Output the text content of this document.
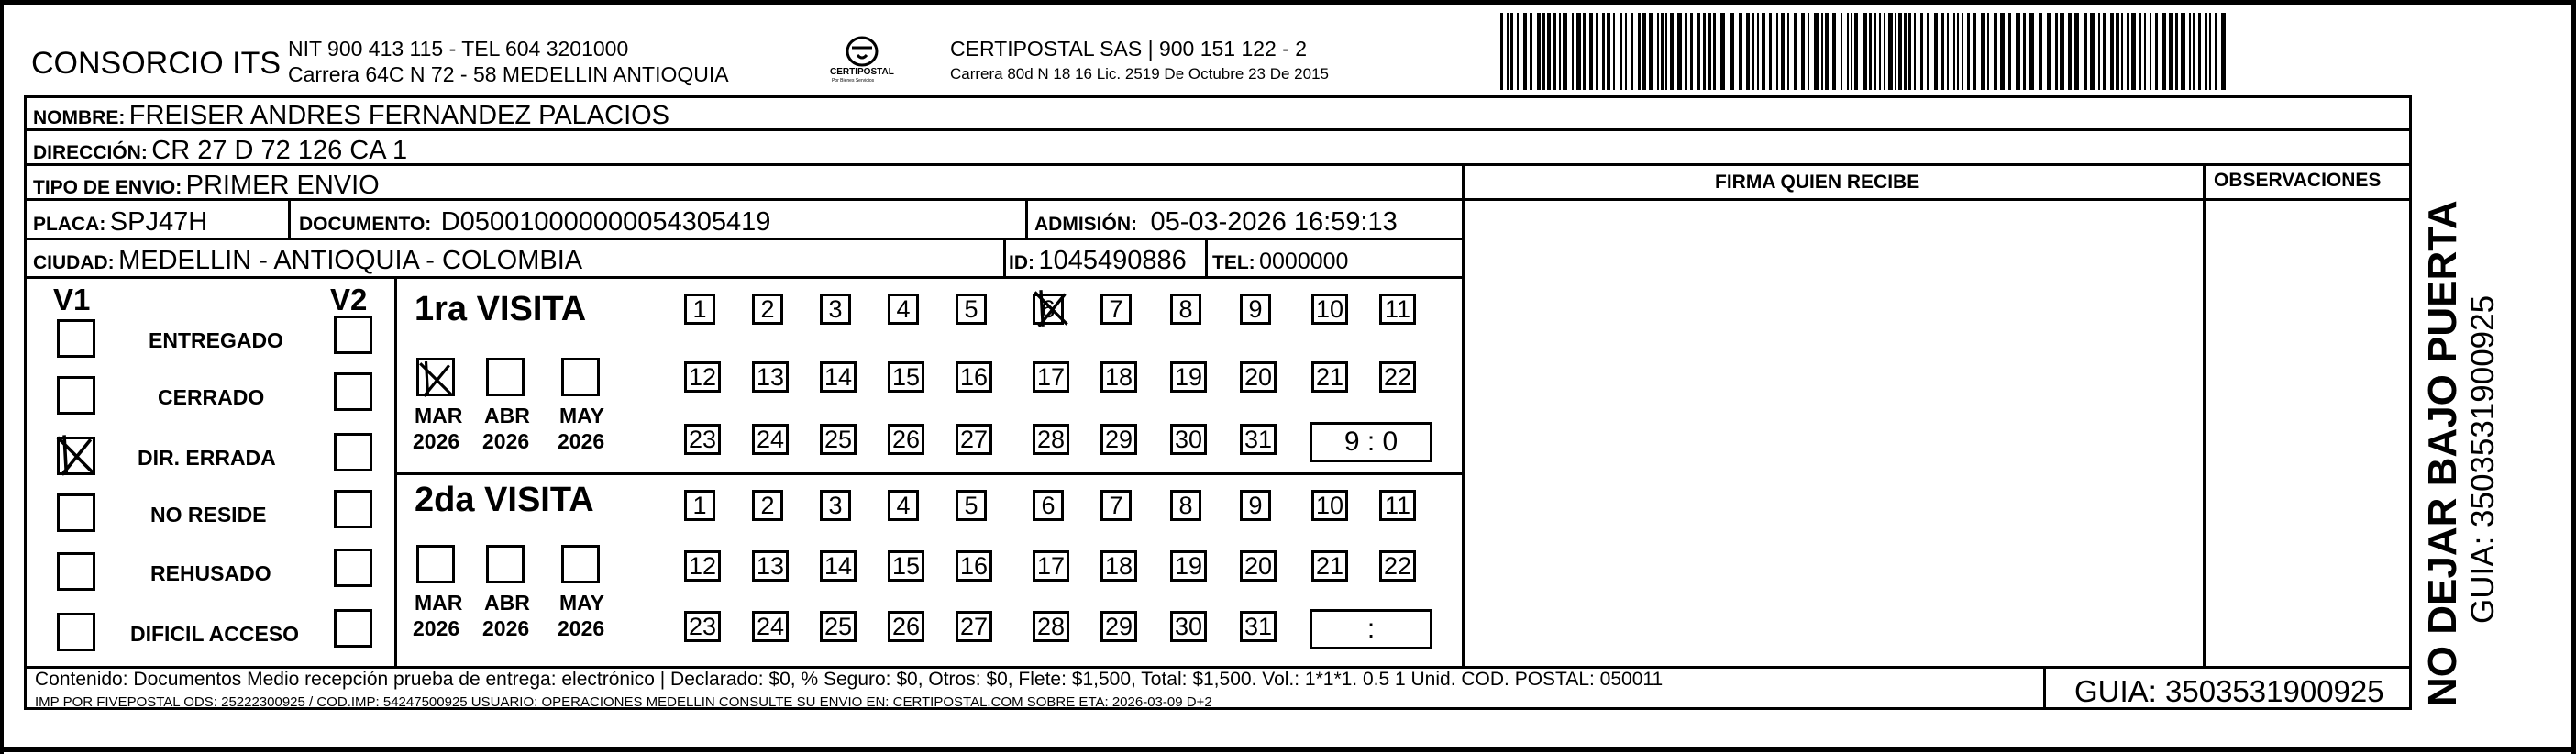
CONSORCIO ITS NIT 900 413 115 - TEL 604 3201000
Carrera 64C N 72 - 58 MEDELLIN ANTIOQUIA	CERTIPOSTAL
Por Bienes Servicios
CERTIPOSTAL SAS | 900 151 122 - 2
Carrera 80d N 18 16 Lic. 2519 De Octubre 23 De 2015
NOMBRE: FREISER ANDRES FERNANDEZ PALACIOS
DIRECCIÓN: CR 27 D 72 126 CA 1
TIPO DE ENVIO: PRIMER ENVIO	FIRMA QUIEN RECIBE	OBSERVACIONES
PLACA: SPJ47H	DOCUMENTO: D050010000000054305419	ADMISIÓN: 05-03-2026 16:59:13
CIUDAD: MEDELLIN - ANTIOQUIA - COLOMBIA	ID: 1045490886 TEL: 0000000
V1	V2
ENTREGADO
CERRADO
DIR. ERRADA
NO RESIDE
REHUSADO
DIFICIL ACCESO
1ra VISITA
MAR
2026
ABR
2026
MAY
2026
1	2	3	4	5	6	7	8	9	10 11
12 13 14 15 16 17 18 19 20 21 22
23 24 25 26 27 28 29 30 31	9 : 0
2da VISITA
MAR
2026
ABR
2026
MAY
2026
1	2	3	4	5	6	7	8	9	10 11
12 13 14 15 16 17 18 19 20 21 22
23 24 25 26 27 28 29 30 31	:
Contenido: Documentos Medio recepción prueba de entrega: electrónico | Declarado: $0, % Seguro: $0, Otros: $0, Flete: $1,500, Total: $1,500. Vol.: 1*1*1. 0.5 1 Unid. COD. POSTAL: 050011
IMP POR FIVEPOSTAL ODS: 25222300925 / COD.IMP: 54247500925 USUARIO: OPERACIONES MEDELLIN CONSULTE SU ENVIO EN: CERTIPOSTAL.COM SOBRE ETA: 2026-03-09 D+2	GUIA: 3503531900925 NO DEJAR BAJO PUERTA GUIA: 3503531900925
